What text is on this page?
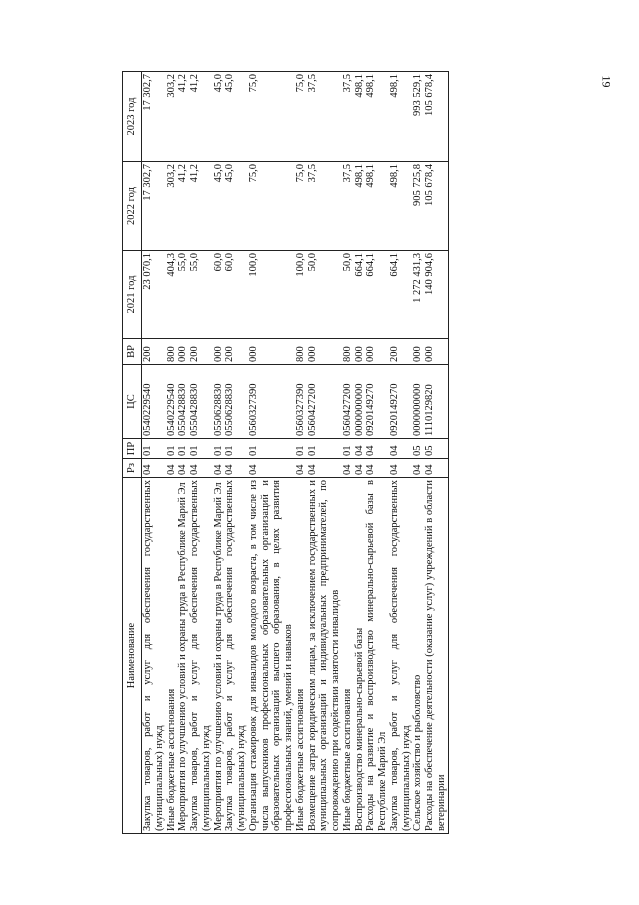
19
Наименование	Рз	ПР	ЦС	ВР	2021 год	2022 год	2023 год
Закупка товаров, работ и услуг для обеспечения государственных (муниципальных) нужд	04	01	0540229540	200	23 070,1	17 302,7	17 302,7
Иные бюджетные ассигнования	04	01	0540229540	800	404,3	303,2	303,2
Мероприятия по улучшению условий и охраны труда в Республике Марий Эл	04	01	0550428830	000	55,0	41,2	41,2
Закупка товаров, работ и услуг для обеспечения государственных (муниципальных) нужд	04	01	0550428830	200	55,0	41,2	41,2
Мероприятия по улучшению условий и охраны труда в Республике Марий Эл	04	01	0550628830	000	60,0	45,0	45,0
Закупка товаров, работ и услуг для обеспечения государственных (муниципальных) нужд	04	01	0550628830	200	60,0	45,0	45,0
Организация стажировок для инвалидов молодого возраста, в том числе из числа выпускников профессиональных образовательных организаций и образовательных организаций высшего образования, в целях развития профессиональных знаний, умений и навыков	04	01	0560327390	000	100,0	75,0	75,0
Иные бюджетные ассигнования	04	01	0560327390	800	100,0	75,0	75,0
Возмещение затрат юридическим лицам, за исключением государственных и муниципальных организаций и индивидуальных предпринимателей, по сопровождению при содействии занятости инвалидов	04	01	0560427200	000	50,0	37,5	37,5
Иные бюджетные ассигнования	04	01	0560427200	800	50,0	37,5	37,5
Воспроизводство минерально-сырьевой базы	04	04	0000000000	000	664,1	498,1	498,1
Расходы на развитие и воспроизводство минерально-сырьевой базы в Республике Марий Эл	04	04	0920149270	000	664,1	498,1	498,1
Закупка товаров, работ и услуг для обеспечения государственных (муниципальных) нужд	04	04	0920149270	200	664,1	498,1	498,1
Сельское хозяйство и рыболовство	04	05	0000000000	000	1 272 431,3	905 725,8	993 529,1
Расходы на обеспечение деятельности (оказание услуг) учреждений в области ветеринарии	04	05	1110129820	000	140 904,6	105 678,4	105 678,4
